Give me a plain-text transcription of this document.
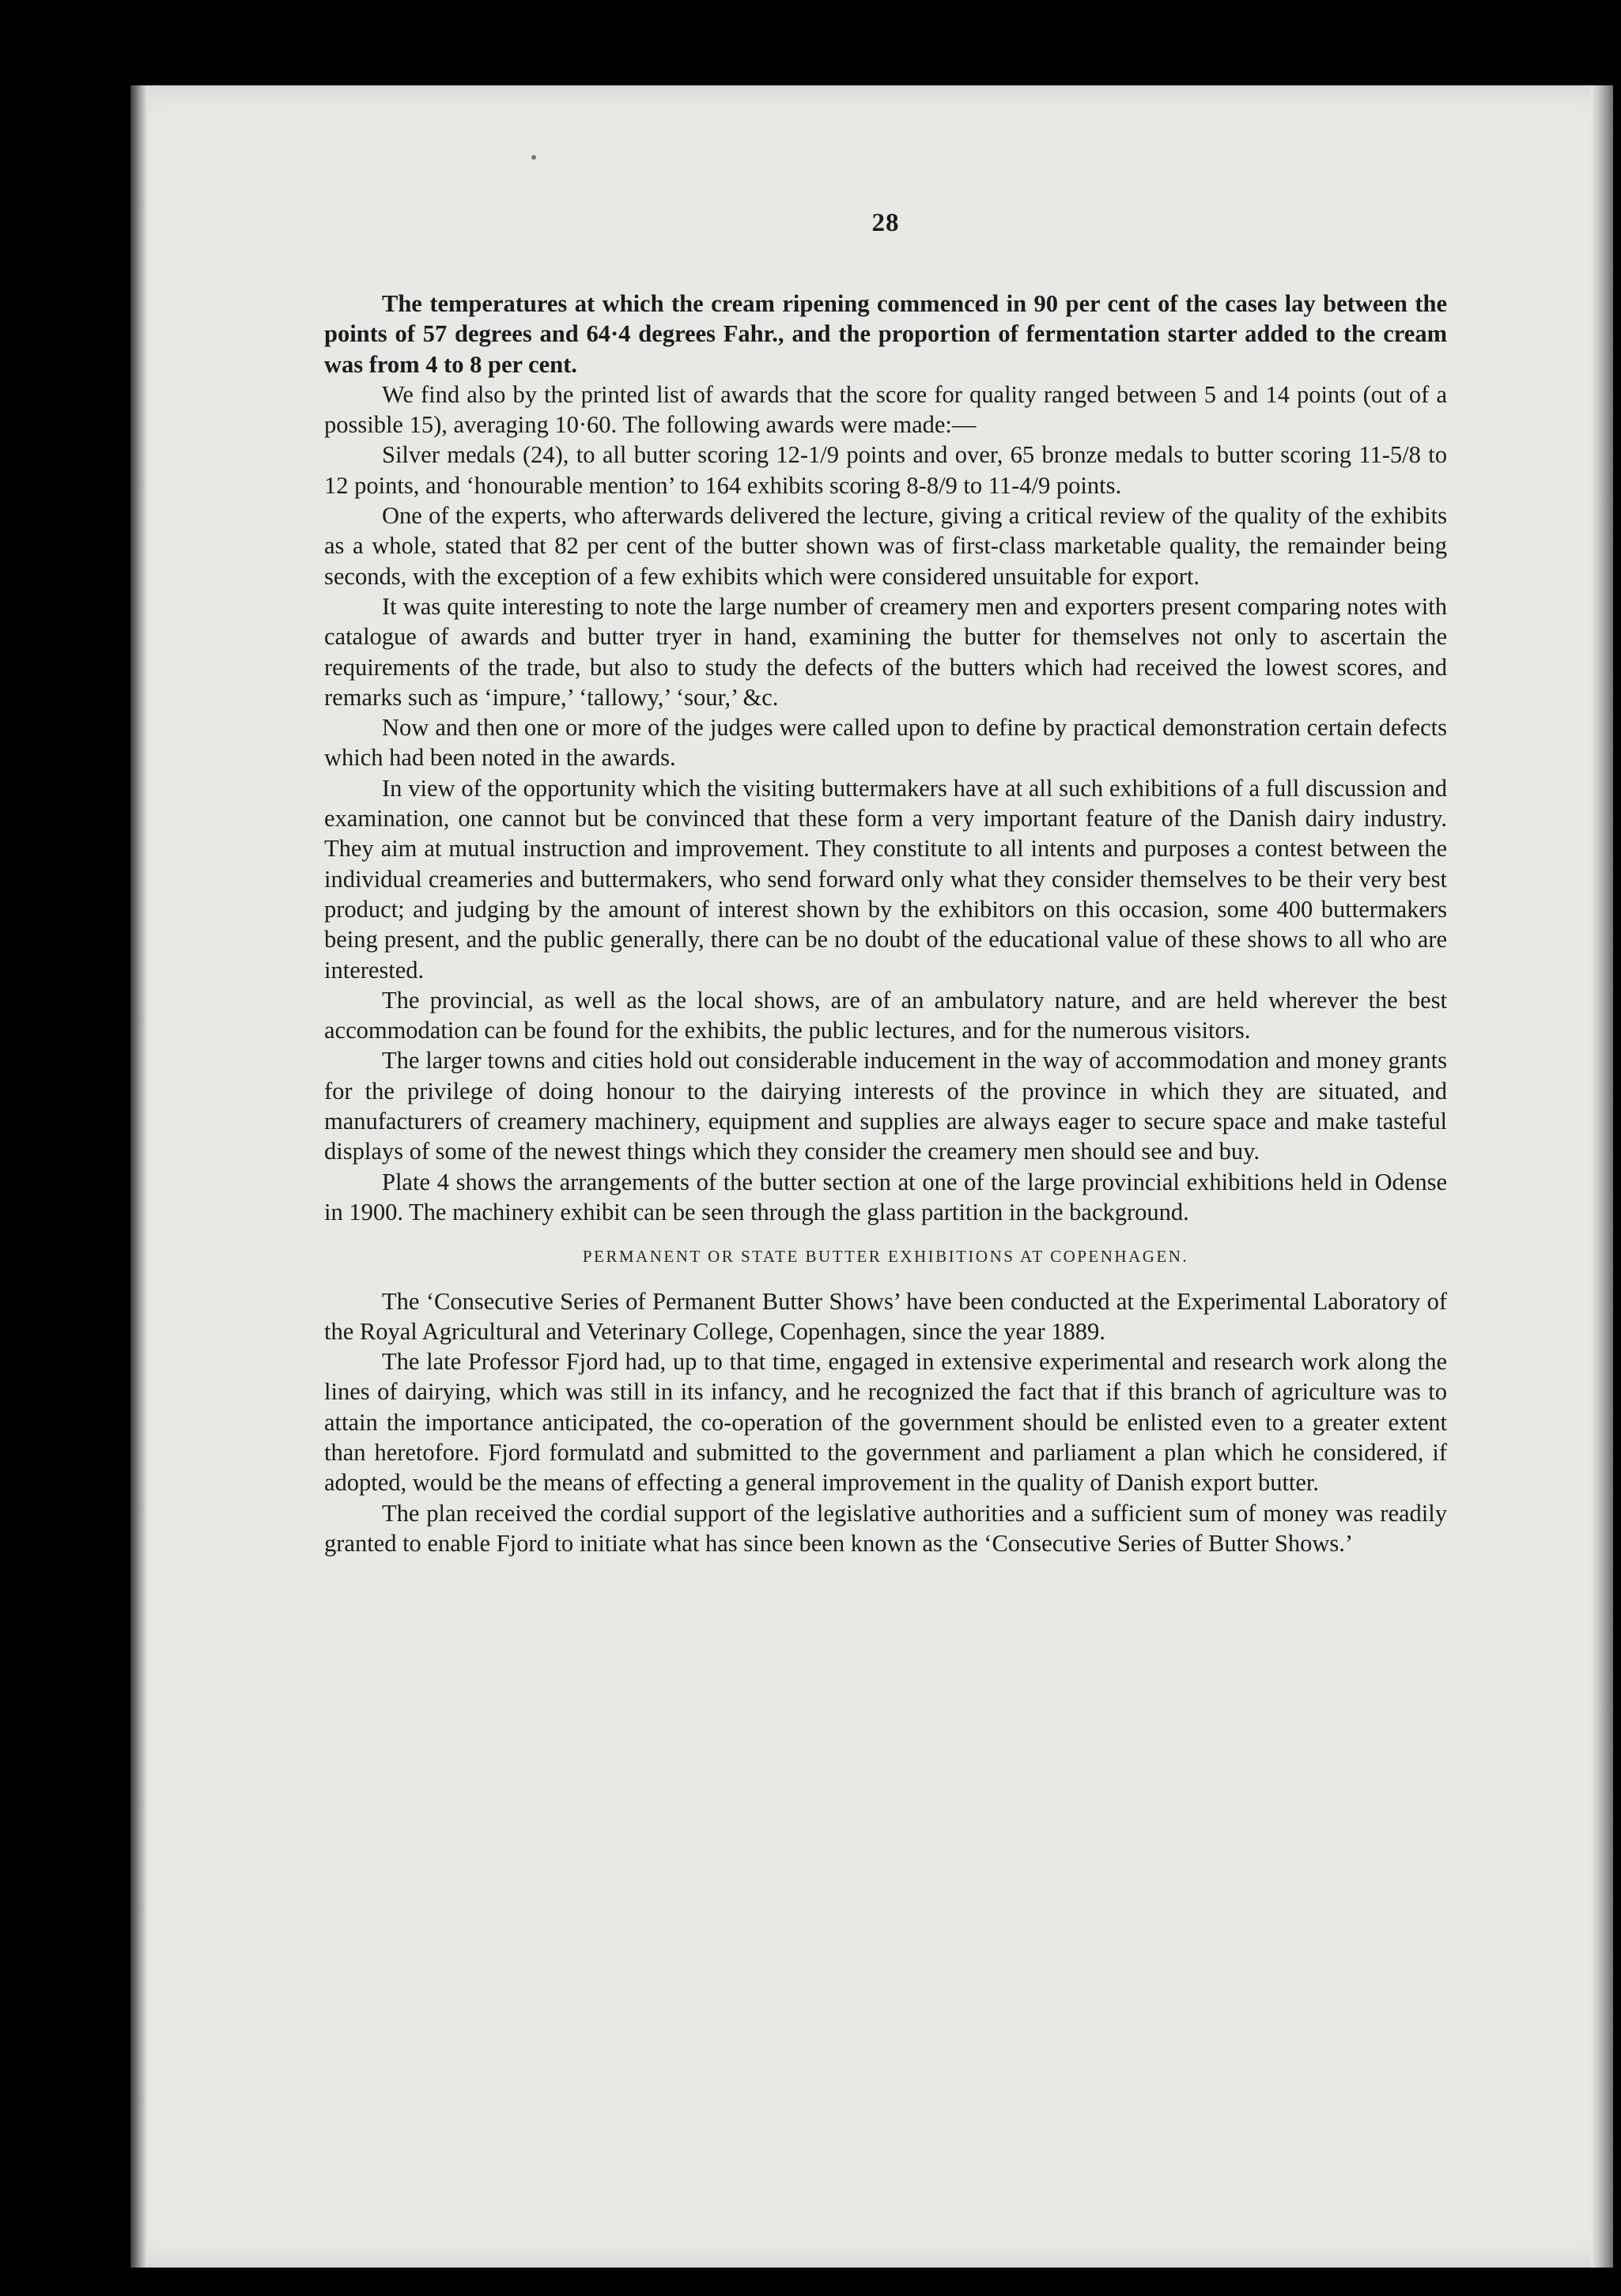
28

The temperatures at which the cream ripening commenced in 90 per cent of the cases lay between the points of 57 degrees and 64·4 degrees Fahr., and the proportion of fermentation starter added to the cream was from 4 to 8 per cent.

We find also by the printed list of awards that the score for quality ranged between 5 and 14 points (out of a possible 15), averaging 10·60. The following awards were made:—

Silver medals (24), to all butter scoring 12-1/9 points and over, 65 bronze medals to butter scoring 11-5/8 to 12 points, and ‘honourable mention’ to 164 exhibits scoring 8-8/9 to 11-4/9 points.

One of the experts, who afterwards delivered the lecture, giving a critical review of the quality of the exhibits as a whole, stated that 82 per cent of the butter shown was of first-class marketable quality, the remainder being seconds, with the exception of a few exhibits which were considered unsuitable for export.

It was quite interesting to note the large number of creamery men and exporters present comparing notes with catalogue of awards and butter tryer in hand, examining the butter for themselves not only to ascertain the requirements of the trade, but also to study the defects of the butters which had received the lowest scores, and remarks such as ‘impure,’ ‘tallowy,’ ‘sour,’ &c.

Now and then one or more of the judges were called upon to define by practical demonstration certain defects which had been noted in the awards.

In view of the opportunity which the visiting buttermakers have at all such exhibitions of a full discussion and examination, one cannot but be convinced that these form a very important feature of the Danish dairy industry. They aim at mutual instruction and improvement. They constitute to all intents and purposes a contest between the individual creameries and buttermakers, who send forward only what they consider themselves to be their very best product; and judging by the amount of interest shown by the exhibitors on this occasion, some 400 buttermakers being present, and the public generally, there can be no doubt of the educational value of these shows to all who are interested.

The provincial, as well as the local shows, are of an ambulatory nature, and are held wherever the best accommodation can be found for the exhibits, the public lectures, and for the numerous visitors.

The larger towns and cities hold out considerable inducement in the way of accommodation and money grants for the privilege of doing honour to the dairying interests of the province in which they are situated, and manufacturers of creamery machinery, equipment and supplies are always eager to secure space and make tasteful displays of some of the newest things which they consider the creamery men should see and buy.

Plate 4 shows the arrangements of the butter section at one of the large provincial exhibitions held in Odense in 1900. The machinery exhibit can be seen through the glass partition in the background.

PERMANENT OR STATE BUTTER EXHIBITIONS AT COPENHAGEN.

The ‘Consecutive Series of Permanent Butter Shows’ have been conducted at the Experimental Laboratory of the Royal Agricultural and Veterinary College, Copenhagen, since the year 1889.

The late Professor Fjord had, up to that time, engaged in extensive experimental and research work along the lines of dairying, which was still in its infancy, and he recognized the fact that if this branch of agriculture was to attain the importance anticipated, the co-operation of the government should be enlisted even to a greater extent than heretofore. Fjord formulatd and submitted to the government and parliament a plan which he considered, if adopted, would be the means of effecting a general improvement in the quality of Danish export butter.

The plan received the cordial support of the legislative authorities and a sufficient sum of money was readily granted to enable Fjord to initiate what has since been known as the ‘Consecutive Series of Butter Shows.’
